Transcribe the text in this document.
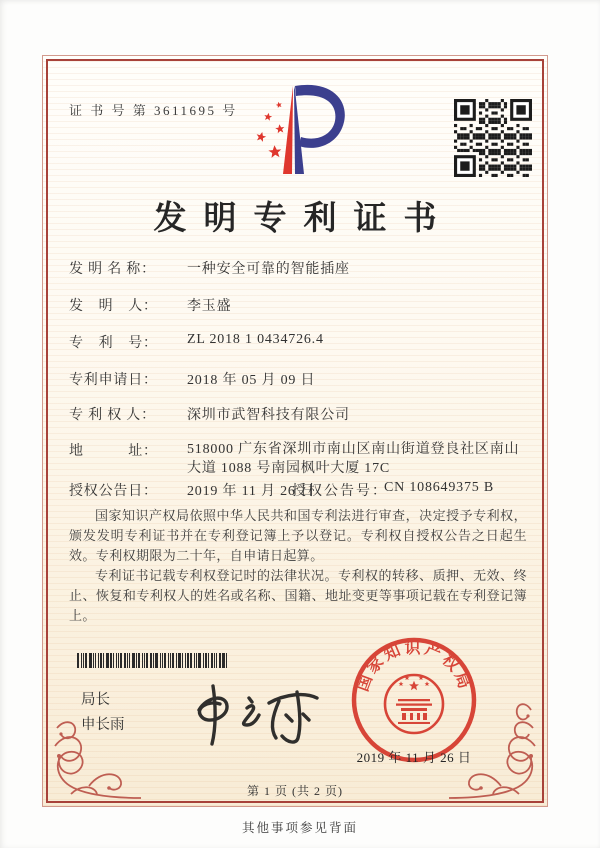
证 书 号 第 3611695 号
发明专利证书
发 明 名 称： 一种安全可靠的智能插座
发　明　人： 李玉盛
专　利　号： ZL 2018 1 0434726.4
专利申请日： 2018 年 05 月 09 日
专 利 权 人： 深圳市武智科技有限公司
地　　　址： 518000 广东省深圳市南山区南山街道登良社区南山大道 1088 号南园枫叶大厦 17C
授权公告日： 2019 年 11 月 26 日
授权公告号：CN 108649375 B

国家知识产权局依照中华人民共和国专利法进行审查，决定授予专利权，颁发发明专利证书并在专利登记簿上予以登记。专利权自授权公告之日起生效。专利权期限为二十年，自申请日起算。

专利证书记载专利权登记时的法律状况。专利权的转移、质押、无效、终止、恢复和专利权人的姓名或名称、国籍、地址变更等事项记载在专利登记簿上。

局长
申长雨
国家知识产权局
2019 年 11 月 26 日
第 1 页 (共 2 页)
其他事项参见背面
